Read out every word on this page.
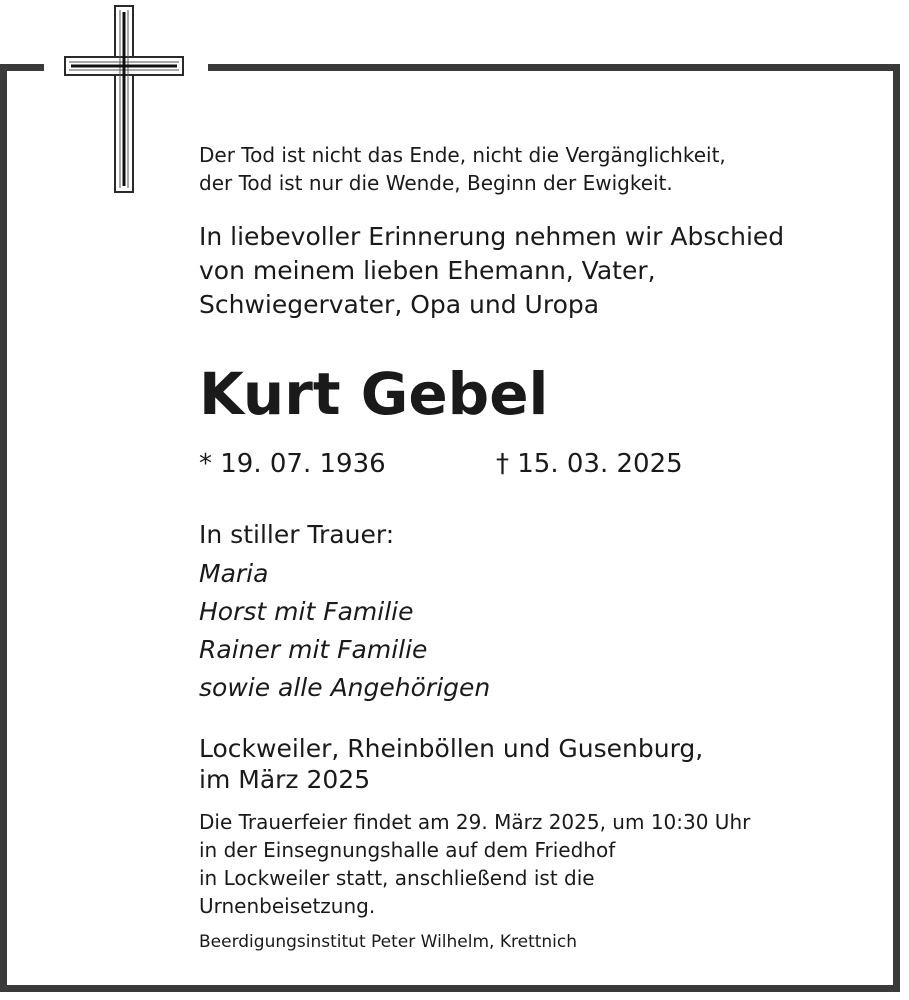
Der Tod ist nicht das Ende, nicht die Vergänglichkeit,
der Tod ist nur die Wende, Beginn der Ewigkeit.
In liebevoller Erinnerung nehmen wir Abschied
von meinem lieben Ehemann, Vater,
Schwiegervater, Opa und Uropa
Kurt Gebel
* 19. 07. 1936	† 15. 03. 2025
In stiller Trauer:
Maria
Horst mit Familie
Rainer mit Familie
sowie alle Angehörigen
Lockweiler, Rheinböllen und Gusenburg,
im März 2025
Die Trauerfeier findet am 29. März 2025, um 10:30 Uhr
in der Einsegnungshalle auf dem Friedhof
in Lockweiler statt, anschließend ist die
Urnenbeisetzung.
Beerdigungsinstitut Peter Wilhelm, Krettnich
